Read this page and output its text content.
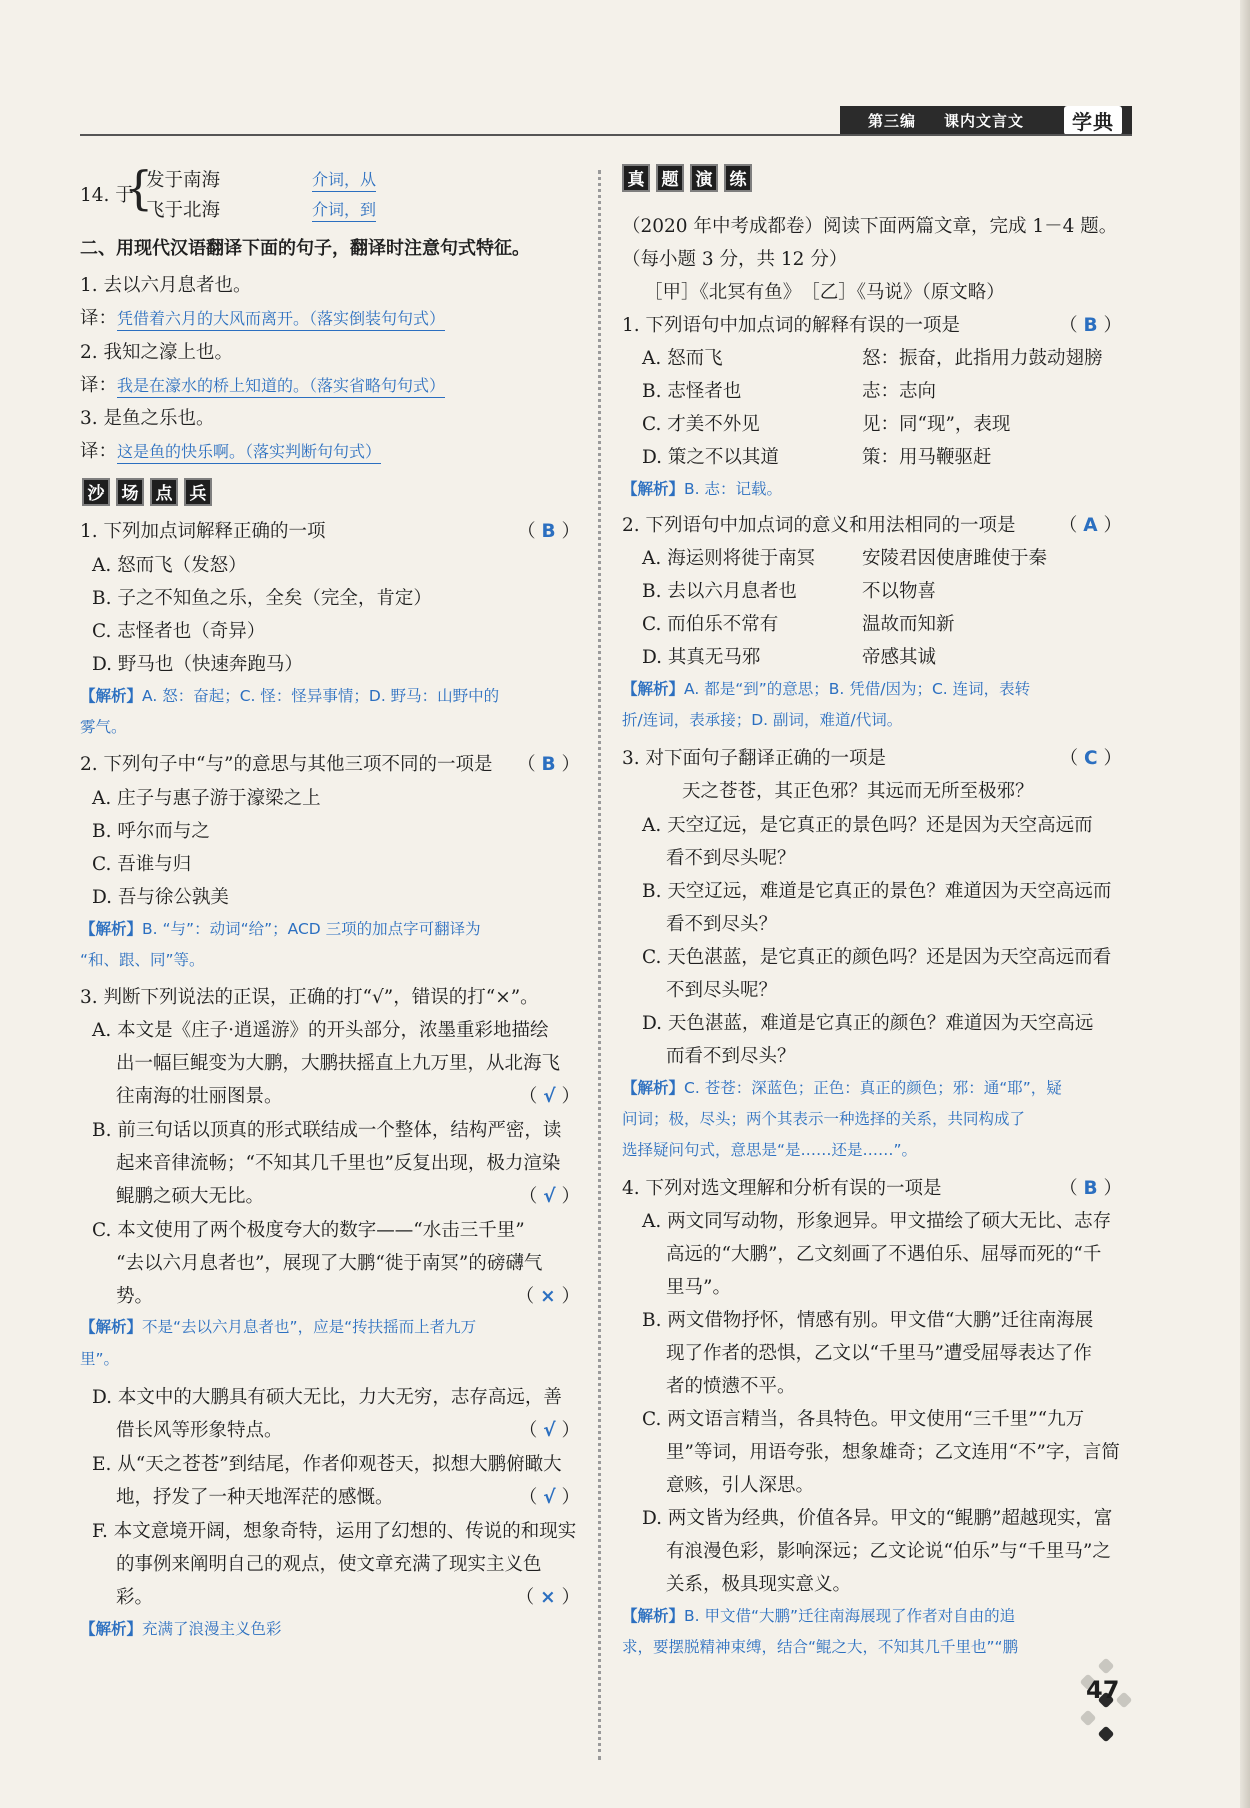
第三编 课内文言文	学典
14. 于
{
发于南海	介词，从
飞于北海	介词，到
二、用现代汉语翻译下面的句子，翻译时注意句式特征。
1. 去以六月息者也。
译：凭借着六月的大风而离开。（落实倒装句句式）
2. 我知之濠上也。
译：我是在濠水的桥上知道的。（落实省略句句式）
3. 是鱼之乐也。
译：这是鱼的快乐啊。（落实判断句句式）
沙	场	点	兵
1. 下列加点词解释正确的一项	（ B ）
A. 怒而飞（发怒）
B. 子之不知鱼之乐，全矣（完全，肯定）
C. 志怪者也（奇异）
D. 野马也（快速奔跑马）
【解析】A. 怒：奋起；C. 怪：怪异事情；D. 野马：山野中的
雾气。
2. 下列句子中“与”的意思与其他三项不同的一项是 （ B ）
A. 庄子与惠子游于濠梁之上
B. 呼尔而与之
C. 吾谁与归
D. 吾与徐公孰美
【解析】B. “与”：动词“给”；ACD 三项的加点字可翻译为
“和、跟、同”等。
3. 判断下列说法的正误，正确的打“√”，错误的打“×”。
A. 本文是《庄子·逍遥游》的开头部分，浓墨重彩地描绘
出一幅巨鲲变为大鹏，大鹏扶摇直上九万里，从北海飞
往南海的壮丽图景。	（ √ ）
B. 前三句话以顶真的形式联结成一个整体，结构严密，读
起来音律流畅；“不知其几千里也”反复出现，极力渲染
鲲鹏之硕大无比。	（ √ ）
C. 本文使用了两个极度夸大的数字——“水击三千里”
“去以六月息者也”，展现了大鹏“徙于南冥”的磅礴气
势。	（ × ）
【解析】不是“去以六月息者也”，应是“抟扶摇而上者九万
里”。
D. 本文中的大鹏具有硕大无比，力大无穷，志存高远，善
借长风等形象特点。	（ √ ）
E. 从“天之苍苍”到结尾，作者仰观苍天，拟想大鹏俯瞰大
地，抒发了一种天地浑茫的感慨。	（ √ ）
F. 本文意境开阔，想象奇特，运用了幻想的、传说的和现实
的事例来阐明自己的观点，使文章充满了现实主义色
彩。	（ × ）
【解析】充满了浪漫主义色彩
真	题	演	练
（2020 年中考成都卷）阅读下面两篇文章，完成 1－4 题。
（每小题 3 分，共 12 分）
［甲］《北冥有鱼》　［乙］《马说》（原文略）
1. 下列语句中加点词的解释有误的一项是	（ B ）
A. 怒而飞	怒：振奋，此指用力鼓动翅膀
B. 志怪者也	志：志向
C. 才美不外见	见：同“现”，表现
D. 策之不以其道	策：用马鞭驱赶
【解析】B. 志：记载。
2. 下列语句中加点词的意义和用法相同的一项是 （ A ）
A. 海运则将徙于南冥	安陵君因使唐雎使于秦
B. 去以六月息者也	不以物喜
C. 而伯乐不常有	温故而知新
D. 其真无马邪	帝感其诚
【解析】A. 都是“到”的意思；B. 凭借/因为；C. 连词，表转
折/连词，表承接；D. 副词，难道/代词。
3. 对下面句子翻译正确的一项是	（ C ）
天之苍苍，其正色邪？其远而无所至极邪？
A. 天空辽远，是它真正的景色吗？还是因为天空高远而
看不到尽头呢？
B. 天空辽远，难道是它真正的景色？难道因为天空高远而
看不到尽头？
C. 天色湛蓝，是它真正的颜色吗？还是因为天空高远而看
不到尽头呢？
D. 天色湛蓝，难道是它真正的颜色？难道因为天空高远
而看不到尽头？
【解析】C. 苍苍：深蓝色；正色：真正的颜色；邪：通“耶”，疑
问词；极，尽头；两个其表示一种选择的关系，共同构成了
选择疑问句式，意思是“是……还是……”。
4. 下列对选文理解和分析有误的一项是	（ B ）
A. 两文同写动物，形象迥异。甲文描绘了硕大无比、志存
高远的“大鹏”，乙文刻画了不遇伯乐、屈辱而死的“千
里马”。
B. 两文借物抒怀，情感有别。甲文借“大鹏”迁往南海展
现了作者的恐惧，乙文以“千里马”遭受屈辱表达了作
者的愤懑不平。
C. 两文语言精当，各具特色。甲文使用“三千里”“九万
里”等词，用语夸张，想象雄奇；乙文连用“不”字，言简
意赅，引人深思。
D. 两文皆为经典，价值各异。甲文的“鲲鹏”超越现实，富
有浪漫色彩，影响深远；乙文论说“伯乐”与“千里马”之
关系，极具现实意义。
【解析】B. 甲文借“大鹏”迁往南海展现了作者对自由的追
求，要摆脱精神束缚，结合“鲲之大，不知其几千里也”“鹏
47
